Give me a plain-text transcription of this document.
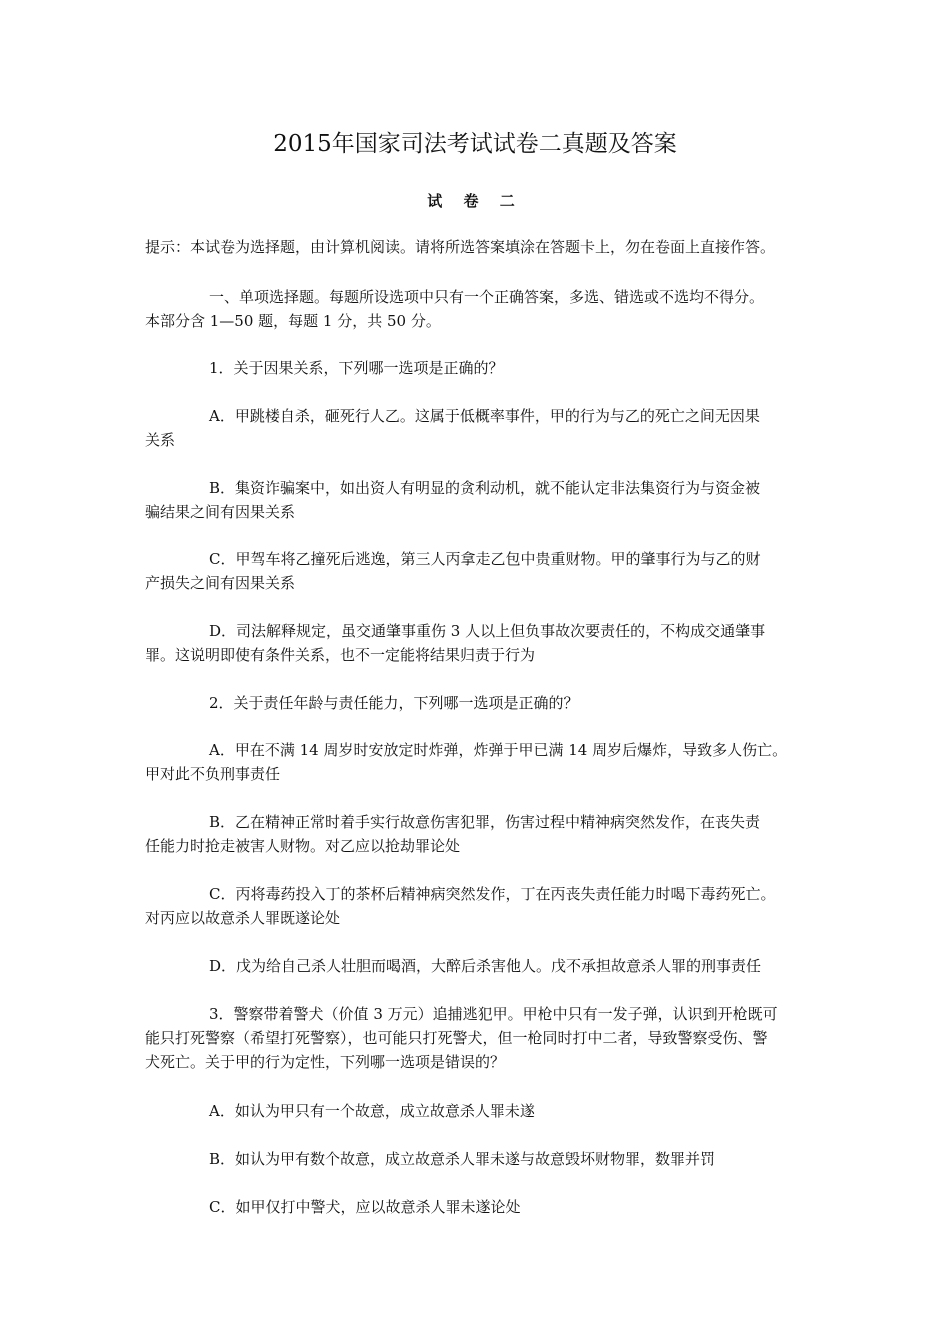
2015年国家司法考试试卷二真题及答案
试 卷 二
提示：本试卷为选择题，由计算机阅读。请将所选答案填涂在答题卡上，勿在卷面上直接作答。
一、单项选择题。每题所设选项中只有一个正确答案，多选、错选或不选均不得分。
本部分含 1—50 题，每题 1 分，共 50 分。
1．关于因果关系，下列哪一选项是正确的？
A．甲跳楼自杀，砸死行人乙。这属于低概率事件，甲的行为与乙的死亡之间无因果
关系
B．集资诈骗案中，如出资人有明显的贪利动机，就不能认定非法集资行为与资金被
骗结果之间有因果关系
C．甲驾车将乙撞死后逃逸，第三人丙拿走乙包中贵重财物。甲的肇事行为与乙的财
产损失之间有因果关系
D．司法解释规定，虽交通肇事重伤 3 人以上但负事故次要责任的，不构成交通肇事
罪。这说明即使有条件关系，也不一定能将结果归责于行为
2．关于责任年龄与责任能力，下列哪一选项是正确的？
A．甲在不满 14 周岁时安放定时炸弹，炸弹于甲已满 14 周岁后爆炸，导致多人伤亡。
甲对此不负刑事责任
B．乙在精神正常时着手实行故意伤害犯罪，伤害过程中精神病突然发作，在丧失责
任能力时抢走被害人财物。对乙应以抢劫罪论处
C．丙将毒药投入丁的茶杯后精神病突然发作，丁在丙丧失责任能力时喝下毒药死亡。
对丙应以故意杀人罪既遂论处
D．戊为给自己杀人壮胆而喝酒，大醉后杀害他人。戊不承担故意杀人罪的刑事责任
3．警察带着警犬（价值 3 万元）追捕逃犯甲。甲枪中只有一发子弹，认识到开枪既可
能只打死警察（希望打死警察），也可能只打死警犬，但一枪同时打中二者，导致警察受伤、警
犬死亡。关于甲的行为定性，下列哪一选项是错误的？
A．如认为甲只有一个故意，成立故意杀人罪未遂
B．如认为甲有数个故意，成立故意杀人罪未遂与故意毁坏财物罪，数罪并罚
C．如甲仅打中警犬，应以故意杀人罪未遂论处
